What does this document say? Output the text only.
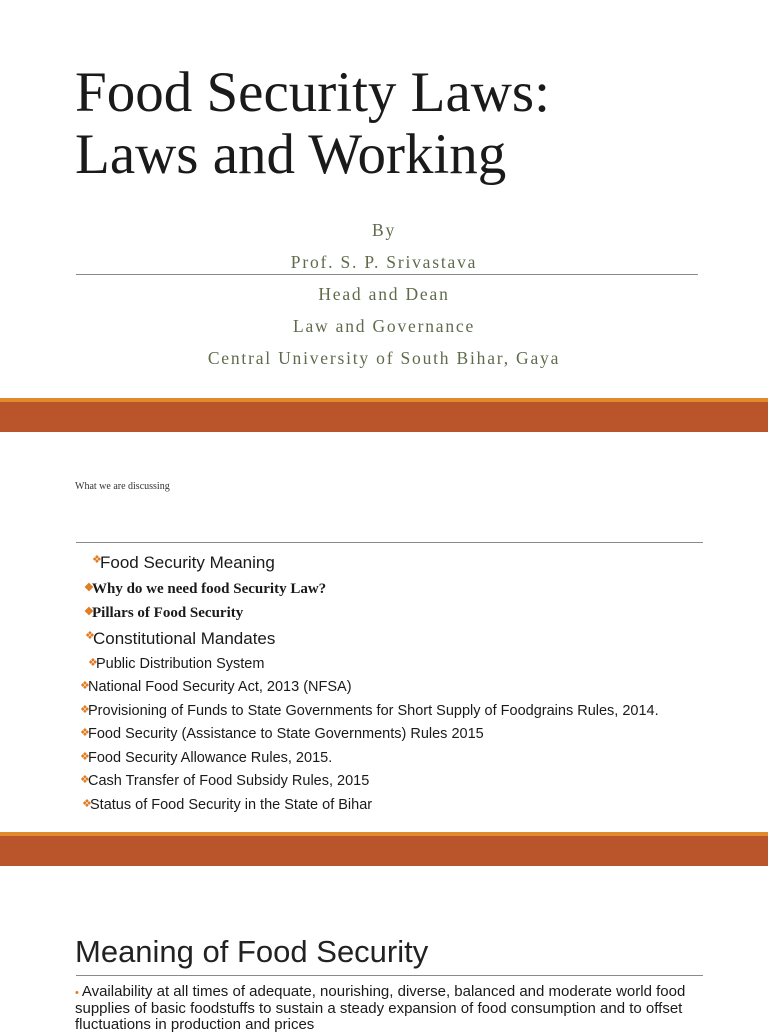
Food Security Laws:
Laws and Working
By
Prof. S. P. Srivastava
Head and Dean
Law and Governance
Central University of South Bihar, Gaya
What we are discussing
❖
Food Security Meaning
❖
Why do we need food Security Law?
❖
Pillars of Food Security
❖
Constitutional Mandates
❖
Public Distribution System
❖
National Food Security Act, 2013 (NFSA)
❖
Provisioning of Funds to State Governments for Short Supply of Foodgrains Rules, 2014.
❖
Food Security (Assistance to State Governments) Rules 2015
❖
Food Security Allowance Rules, 2015.
❖
Cash Transfer of Food Subsidy Rules, 2015
❖
Status of Food Security in the State of Bihar
Meaning of Food Security
• Availability at all times of adequate, nourishing, diverse, balanced and moderate world food supplies of basic foodstuffs to sustain a steady expansion of food consumption and to offset fluctuations in production and prices
